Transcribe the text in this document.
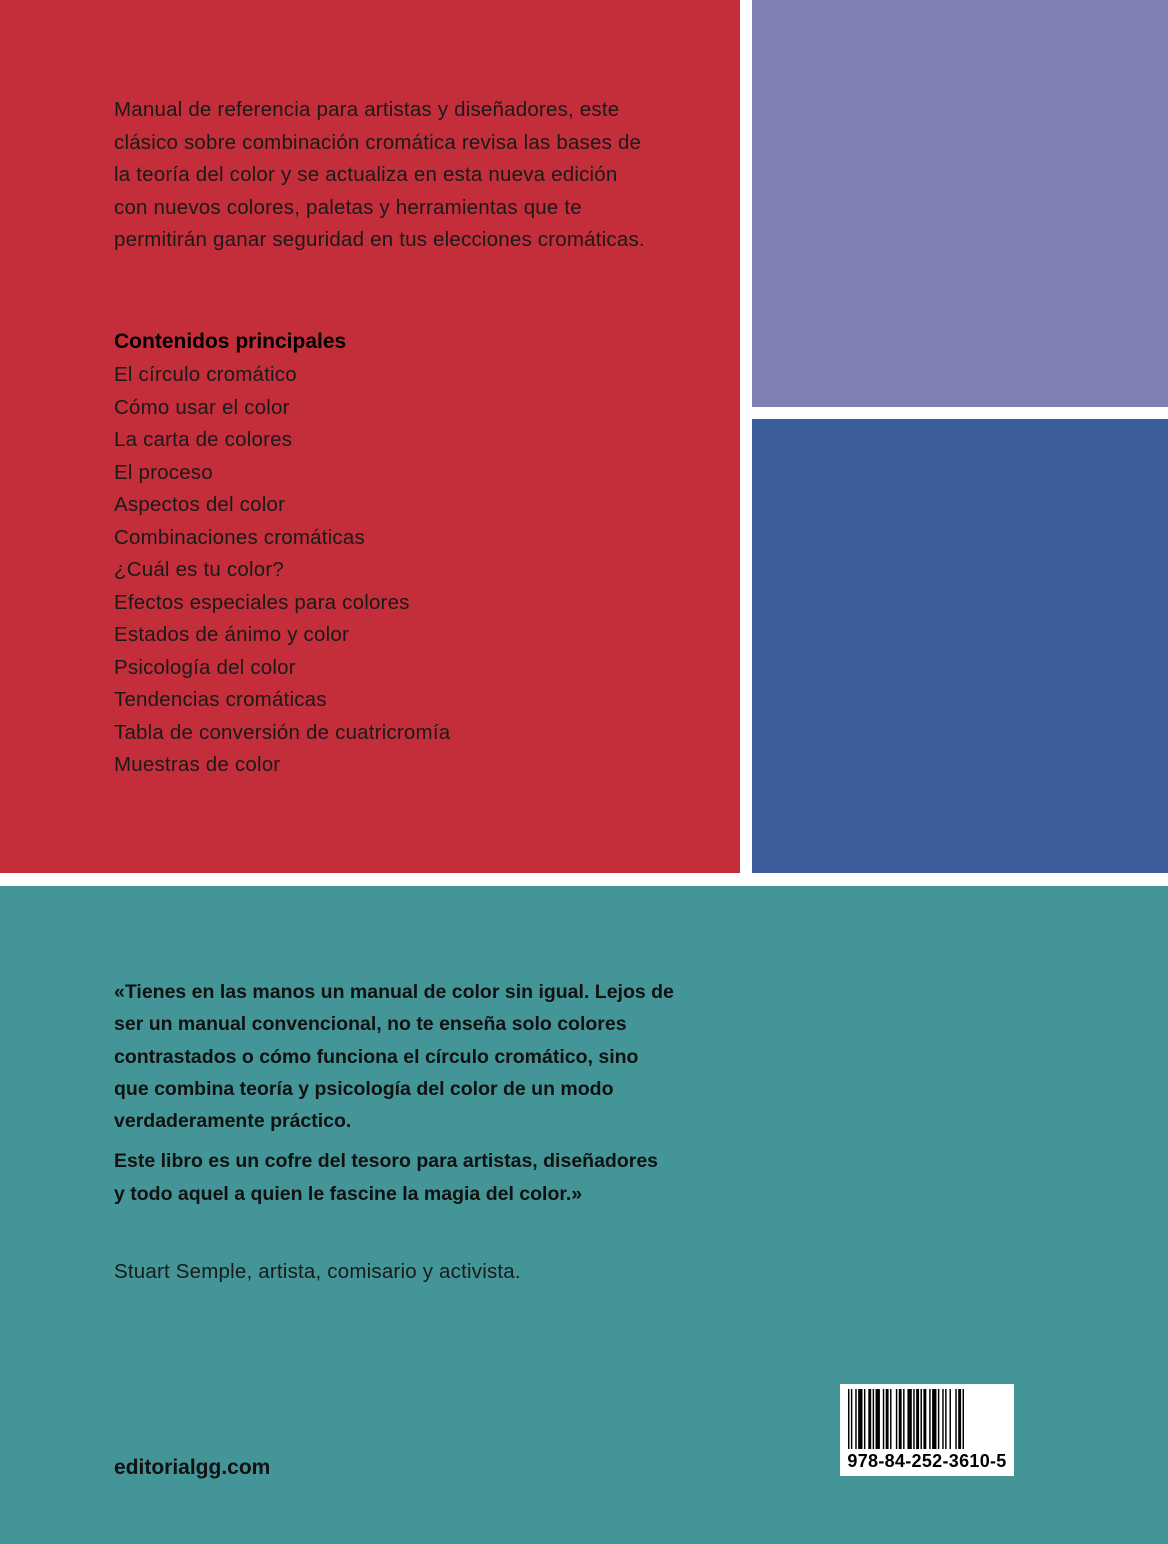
Manual de referencia para artistas y diseñadores, este clásico sobre combinación cromática revisa las bases de la teoría del color y se actualiza en esta nueva edición con nuevos colores, paletas y herramientas que te permitirán ganar seguridad en tus elecciones cromáticas.

Contenidos principales
El círculo cromático
Cómo usar el color
La carta de colores
El proceso
Aspectos del color
Combinaciones cromáticas
¿Cuál es tu color?
Efectos especiales para colores
Estados de ánimo y color
Psicología del color
Tendencias cromáticas
Tabla de conversión de cuatricromía
Muestras de color

«Tienes en las manos un manual de color sin igual. Lejos de ser un manual convencional, no te enseña solo colores contrastados o cómo funciona el círculo cromático, sino que combina teoría y psicología del color de un modo verdaderamente práctico.
Este libro es un cofre del tesoro para artistas, diseñadores y todo aquel a quien le fascine la magia del color.»

Stuart Semple, artista, comisario y activista.

editorialgg.com	978-84-252-3610-5
